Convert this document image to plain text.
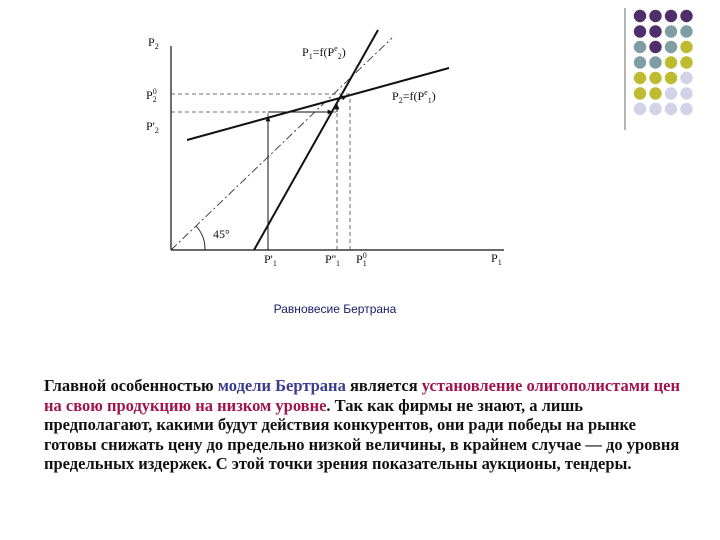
$P_2$
$P_1$
$P_1=f(P^e_2)$
$P_2=f(P^e_1)$
$P^0$ 2
$P'_2$
$P'_1$	$P''_1$ $P^0$ 1
45°
Равновесие Бертрана
Главной особенностью модели Бертрана является установление олигополистами цен на свою продукцию на низком уровне. Так как фирмы не знают, а лишь предполагают, какими будут действия конкурентов, они ради победы на рынке готовы снижать цену до предельно низкой величины, в крайнем случае — до уровня предельных издержек. С этой точки зрения показательны аукционы, тендеры.
